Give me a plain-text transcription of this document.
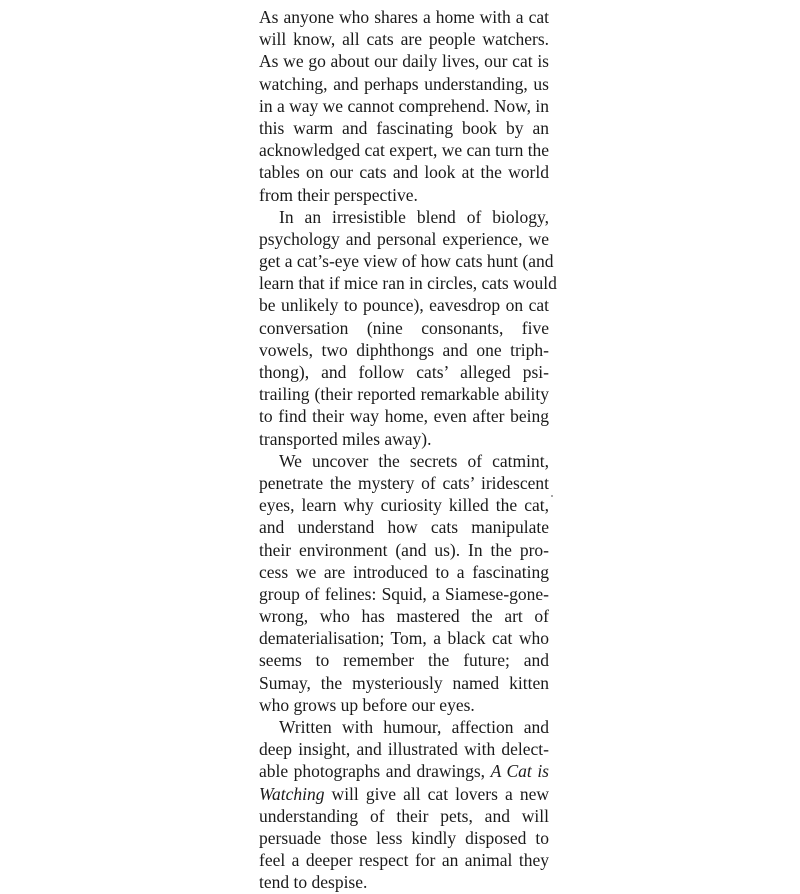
As anyone who shares a home with a cat
will know, all cats are people watchers.
As we go about our daily lives, our cat is
watching, and perhaps understanding, us
in a way we cannot comprehend. Now, in
this warm and fascinating book by an
acknowledged cat expert, we can turn the
tables on our cats and look at the world
from their perspective.
In an irresistible blend of biology,
psychology and personal experience, we
get a cat’s-eye view of how cats hunt (and
learn that if mice ran in circles, cats would
be unlikely to pounce), eavesdrop on cat
conversation (nine consonants, five
vowels, two diphthongs and one triph-
thong), and follow cats’ alleged psi-
trailing (their reported remarkable ability
to find their way home, even after being
transported miles away).
We uncover the secrets of catmint,
penetrate the mystery of cats’ iridescent
eyes, learn why curiosity killed the cat,
and understand how cats manipulate
their environment (and us). In the pro-
cess we are introduced to a fascinating
group of felines: Squid, a Siamese-gone-
wrong, who has mastered the art of
dematerialisation; Tom, a black cat who
seems to remember the future; and
Sumay, the mysteriously named kitten
who grows up before our eyes.
Written with humour, affection and
deep insight, and illustrated with delect-
able photographs and drawings, A Cat is
Watching will give all cat lovers a new
understanding of their pets, and will
persuade those less kindly disposed to
feel a deeper respect for an animal they
tend to despise.
